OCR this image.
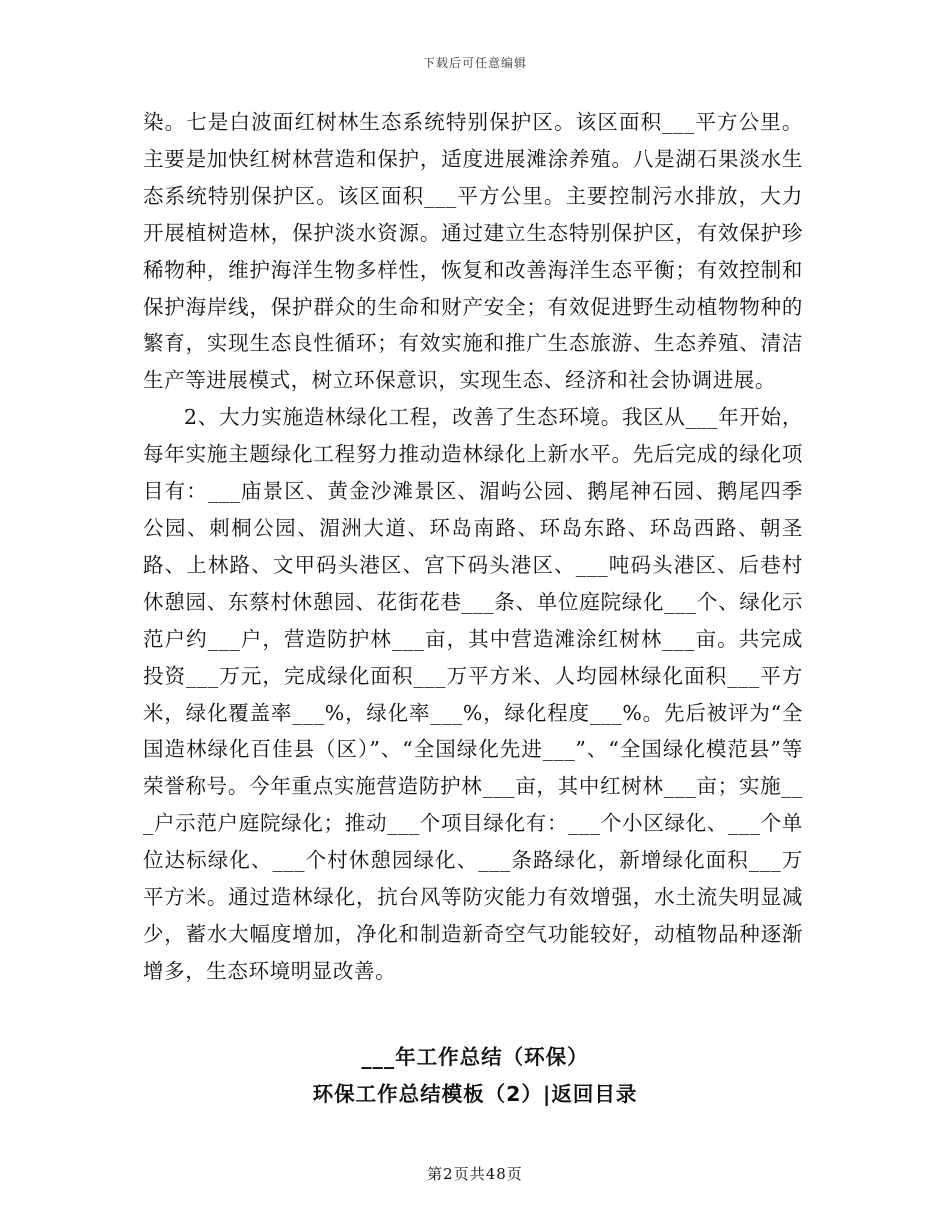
下载后可任意编辑

染。七是白波面红树林生态系统特别保护区。该区面积___平方公里。主要是加快红树林营造和保护，适度进展滩涂养殖。八是湖石果淡水生态系统特别保护区。该区面积___平方公里。主要控制污水排放，大力开展植树造林，保护淡水资源。通过建立生态特别保护区，有效保护珍稀物种，维护海洋生物多样性，恢复和改善海洋生态平衡；有效控制和保护海岸线，保护群众的生命和财产安全；有效促进野生动植物物种的繁育，实现生态良性循环；有效实施和推广生态旅游、生态养殖、清洁生产等进展模式，树立环保意识，实现生态、经济和社会协调进展。

2、大力实施造林绿化工程，改善了生态环境。我区从___年开始，每年实施主题绿化工程努力推动造林绿化上新水平。先后完成的绿化项目有：___庙景区、黄金沙滩景区、湄屿公园、鹅尾神石园、鹅尾四季公园、刺桐公园、湄洲大道、环岛南路、环岛东路、环岛西路、朝圣路、上林路、文甲码头港区、宫下码头港区、___吨码头港区、后巷村休憩园、东蔡村休憩园、花街花巷___条、单位庭院绿化___个、绿化示范户约___户，营造防护林___亩，其中营造滩涂红树林___亩。共完成投资___万元，完成绿化面积___万平方米、人均园林绿化面积___平方米，绿化覆盖率___%，绿化率___%，绿化程度___%。先后被评为“全国造林绿化百佳县（区）”、“全国绿化先进___”、“全国绿化模范县”等荣誉称号。今年重点实施营造防护林___亩，其中红树林___亩；实施___户示范户庭院绿化；推动___个项目绿化有：___个小区绿化、___个单位达标绿化、___个村休憩园绿化、___条路绿化，新增绿化面积___万平方米。通过造林绿化，抗台风等防灾能力有效增强，水土流失明显减少，蓄水大幅度增加，净化和制造新奇空气功能较好，动植物品种逐渐增多，生态环境明显改善。

___年工作总结（环保）
环保工作总结模板（2）|返回目录
第2页共48页
